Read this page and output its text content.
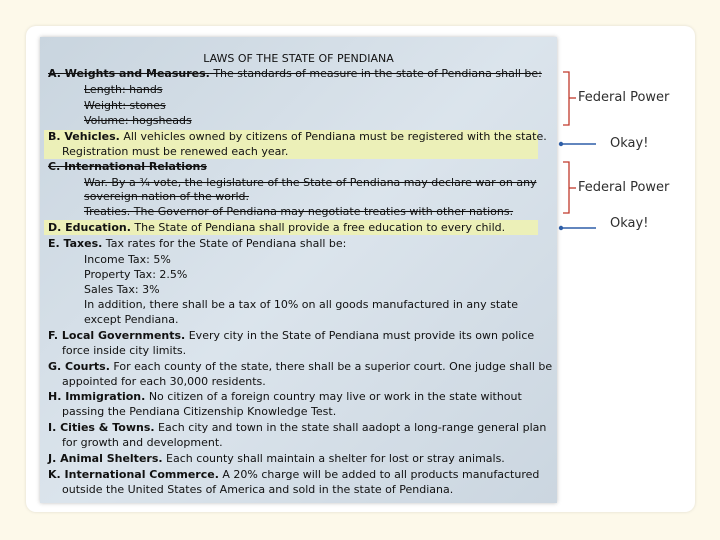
LAWS OF THE STATE OF PENDIANA
A. Weights and Measures. The standards of measure in the state of Pendiana shall be:
Length: hands
Weight: stones
Volume: hogsheads
B. Vehicles. All vehicles owned by citizens of Pendiana must be registered with the state.
Registration must be renewed each year.
C. International Relations
War. By a ¾ vote, the legislature of the State of Pendiana may declare war on any
sovereign nation of the world.
Treaties. The Governor of Pendiana may negotiate treaties with other nations.
D. Education. The State of Pendiana shall provide a free education to every child.
E. Taxes. Tax rates for the State of Pendiana shall be:
Income Tax: 5%
Property Tax: 2.5%
Sales Tax: 3%
In addition, there shall be a tax of 10% on all goods manufactured in any state
except Pendiana.
F. Local Governments. Every city in the State of Pendiana must provide its own police
force inside city limits.
G. Courts. For each county of the state, there shall be a superior court. One judge shall be
appointed for each 30,000 residents.
H. Immigration. No citizen of a foreign country may live or work in the state without
passing the Pendiana Citizenship Knowledge Test.
I. Cities & Towns. Each city and town in the state shall aadopt a long-range general plan
for growth and development.
J. Animal Shelters. Each county shall maintain a shelter for lost or stray animals.
K. International Commerce. A 20% charge will be added to all products manufactured
outside the United States of America and sold in the state of Pendiana.
Federal Power
Okay!
Federal Power
Okay!
